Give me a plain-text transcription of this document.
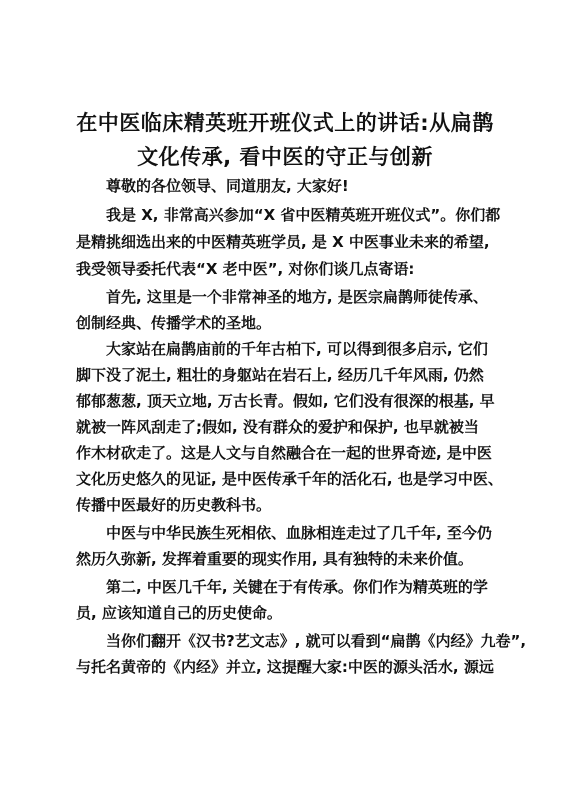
在中医临床精英班开班仪式上的讲话:从扁鹊
文化传承, 看中医的守正与创新

尊敬的各位领导、同道朋友, 大家好!

我是 X, 非常高兴参加“X 省中医精英班开班仪式”。你们都

是精挑细选出来的中医精英班学员, 是 X 中医事业未来的希望,

我受领导委托代表“X 老中医”, 对你们谈几点寄语:

首先, 这里是一个非常神圣的地方, 是医宗扁鹊师徒传承、

创制经典、传播学术的圣地。

大家站在扁鹊庙前的千年古柏下, 可以得到很多启示, 它们

脚下没了泥土, 粗壮的身躯站在岩石上, 经历几千年风雨, 仍然

郁郁葱葱, 顶天立地, 万古长青。假如, 它们没有很深的根基, 早

就被一阵风刮走了;假如, 没有群众的爱护和保护, 也早就被当

作木材砍走了。这是人文与自然融合在一起的世界奇迹, 是中医

文化历史悠久的见证, 是中医传承千年的活化石, 也是学习中医、

传播中医最好的历史教科书。

中医与中华民族生死相依、血脉相连走过了几千年, 至今仍

然历久弥新, 发挥着重要的现实作用, 具有独特的未来价值。

第二, 中医几千年, 关键在于有传承。你们作为精英班的学

员, 应该知道自己的历史使命。

当你们翻开《汉书?艺文志》, 就可以看到“扁鹊《内经》九卷”,

与托名黄帝的《内经》并立, 这提醒大家:中医的源头活水, 源远
